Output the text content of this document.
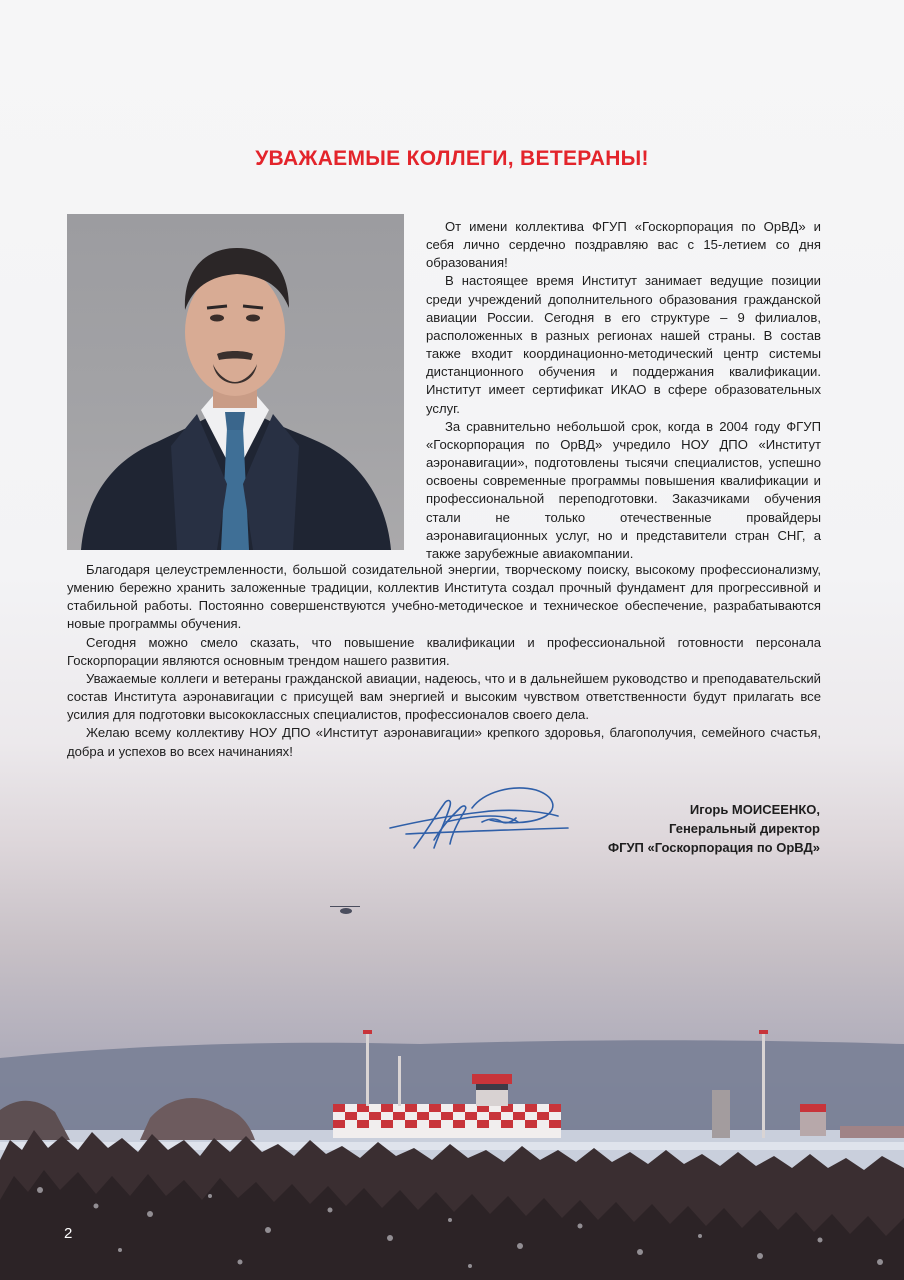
УВАЖАЕМЫЕ КОЛЛЕГИ, ВЕТЕРАНЫ!

От имени коллектива ФГУП «Госкорпорация по ОрВД» и себя лично сердечно поздравляю вас с 15-летием со дня образования!

В настоящее время Институт занимает ведущие позиции среди учреждений дополнительного образования гражданской авиации России. Сегодня в его структуре – 9 филиалов, расположенных в разных регионах нашей страны. В состав также входит координационно-методический центр системы дистанционного обучения и поддержания квалификации. Институт имеет сертификат ИКАО в сфере образовательных услуг.

За сравнительно небольшой срок, когда в 2004 году ФГУП «Госкорпорация по ОрВД» учредило НОУ ДПО «Институт аэронавигации», подготовлены тысячи специалистов, успешно освоены современные программы повышения квалификации и профессиональной переподготовки. Заказчиками обучения стали не только отечественные провайдеры аэронавигационных услуг, но и представители стран СНГ, а также зарубежные авиакомпании.

Благодаря целеустремленности, большой созидательной энергии, творческому поиску, высокому профессионализму, умению бережно хранить заложенные традиции, коллектив Института создал прочный фундамент для прогрессивной и стабильной работы. Постоянно совершенствуются учебно-методическое и техническое обеспечение, разрабатываются новые программы обучения.

Сегодня можно смело сказать, что повышение квалификации и профессиональной готовности персонала Госкорпорации являются основным трендом нашего развития.

Уважаемые коллеги и ветераны гражданской авиации, надеюсь, что и в дальнейшем руководство и преподавательский состав Института аэронавигации с присущей вам энергией и высоким чувством ответственности будут прилагать все усилия для подготовки высококлассных специалистов, профессионалов своего дела.

Желаю всему коллективу НОУ ДПО «Институт аэронавигации» крепкого здоровья, благополучия, семейного счастья, добра и успехов во всех начинаниях!

Игорь МОИСЕЕНКО,
Генеральный директор
ФГУП «Госкорпорация по ОрВД»
2
